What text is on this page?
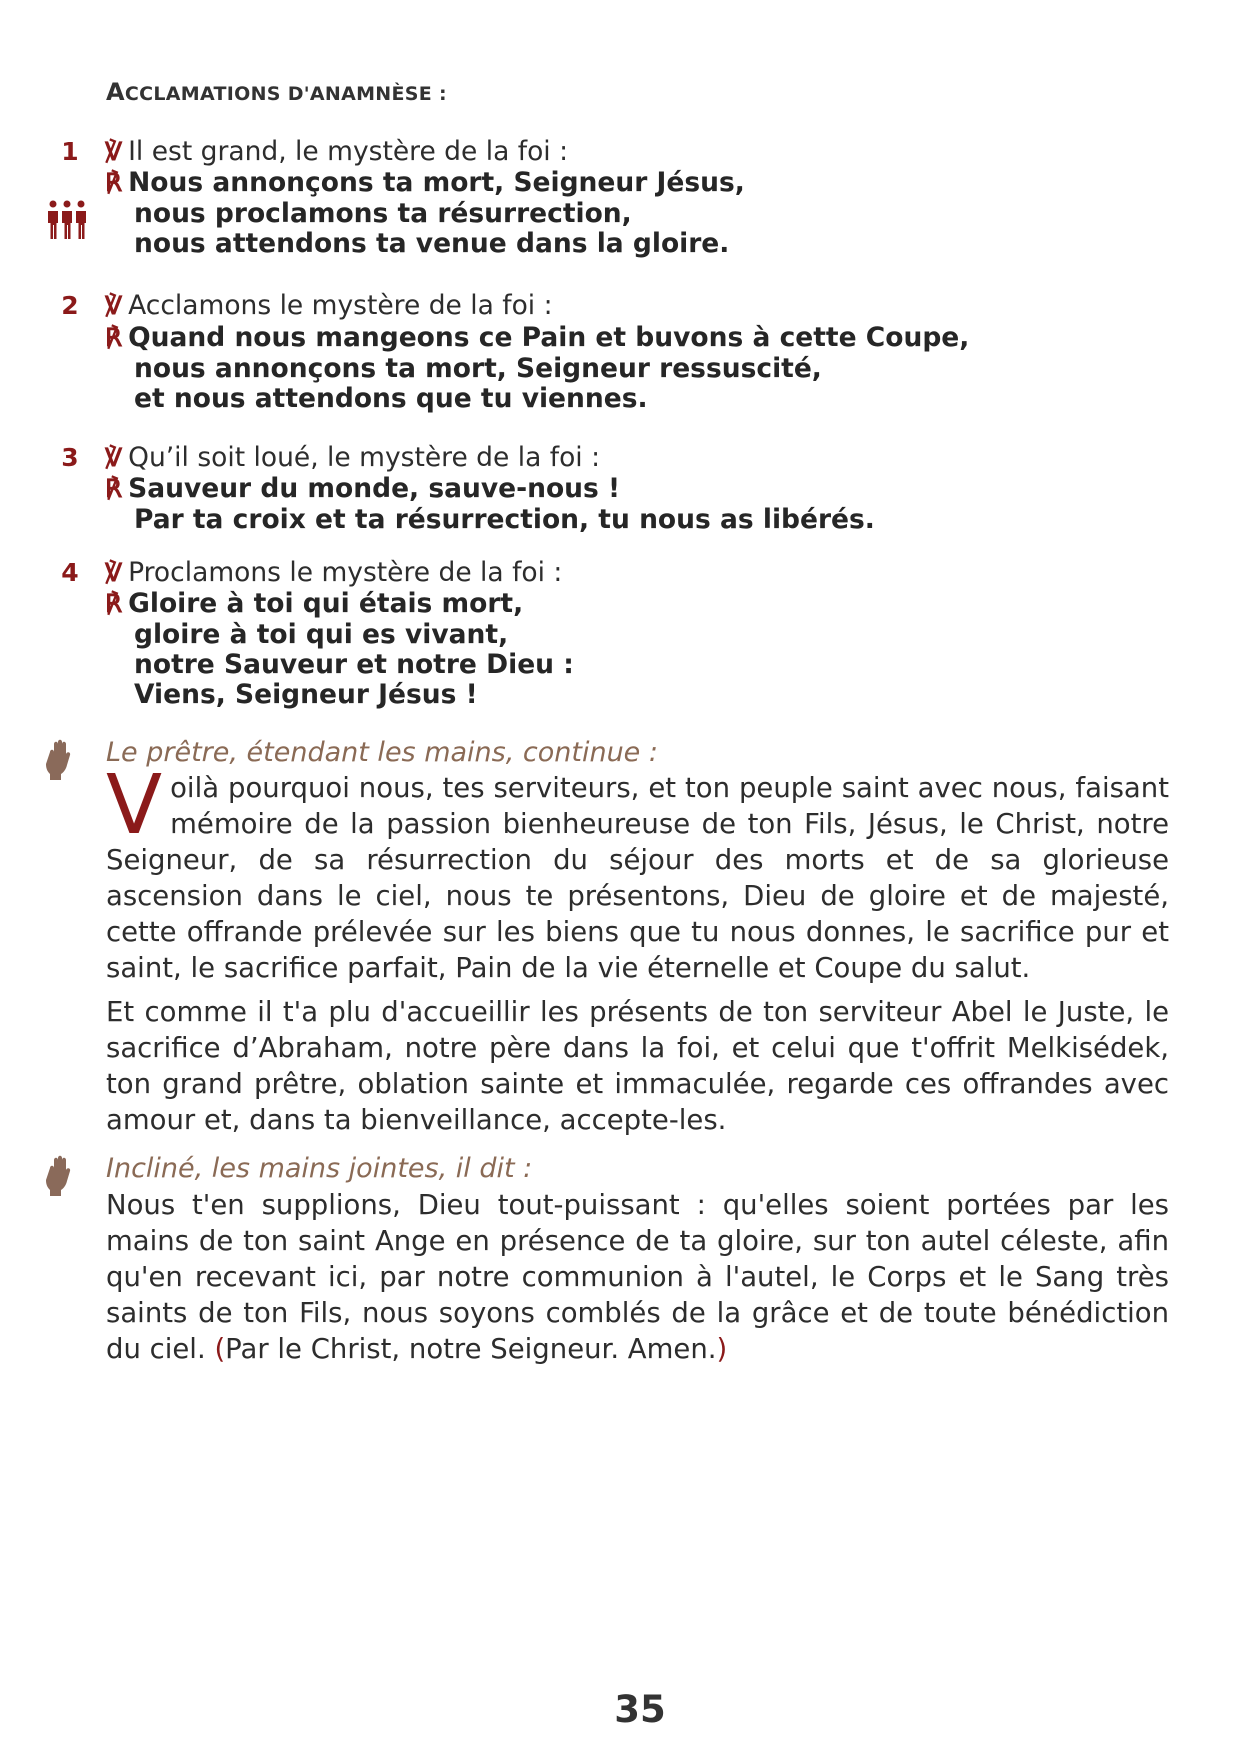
ACCLAMATIONS D'ANAMNÈSE :
1 ℣ Il est grand, le mystère de la foi :
℟ Nous annonçons ta mort, Seigneur Jésus,
nous proclamons ta résurrection,
nous attendons ta venue dans la gloire.
2 ℣ Acclamons le mystère de la foi :
℟ Quand nous mangeons ce Pain et buvons à cette Coupe,
nous annonçons ta mort, Seigneur ressuscité,
et nous attendons que tu viennes.
3 ℣ Qu’il soit loué, le mystère de la foi :
℟ Sauveur du monde, sauve-nous !
Par ta croix et ta résurrection, tu nous as libérés.
4 ℣ Proclamons le mystère de la foi :
℟ Gloire à toi qui étais mort,
gloire à toi qui es vivant,
notre Sauveur et notre Dieu :
Viens, Seigneur Jésus !
Le prêtre, étendant les mains, continue :
Voilà pourquoi nous, tes serviteurs, et ton peuple saint avec nous, faisant mémoire de la passion bienheureuse de ton Fils, Jésus, le Christ, notre Seigneur, de sa résurrection du séjour des morts et de sa glorieuse ascension dans le ciel, nous te présentons, Dieu de gloire et de majesté, cette offrande prélevée sur les biens que tu nous donnes, le sacrifice pur et saint, le sacrifice parfait, Pain de la vie éternelle et Coupe du salut.
Et comme il t'a plu d'accueillir les présents de ton serviteur Abel le Juste, le sacrifice d’Abraham, notre père dans la foi, et celui que t'offrit Melkisédek, ton grand prêtre, oblation sainte et immaculée, regarde ces offrandes avec amour et, dans ta bienveillance, accepte-les.
Incliné, les mains jointes, il dit :
Nous t'en supplions, Dieu tout-puissant : qu'elles soient portées par les mains de ton saint Ange en présence de ta gloire, sur ton autel céleste, afin qu'en recevant ici, par notre communion à l'autel, le Corps et le Sang très saints de ton Fils, nous soyons comblés de la grâce et de toute bénédiction du ciel. (Par le Christ, notre Seigneur. Amen.)
35
